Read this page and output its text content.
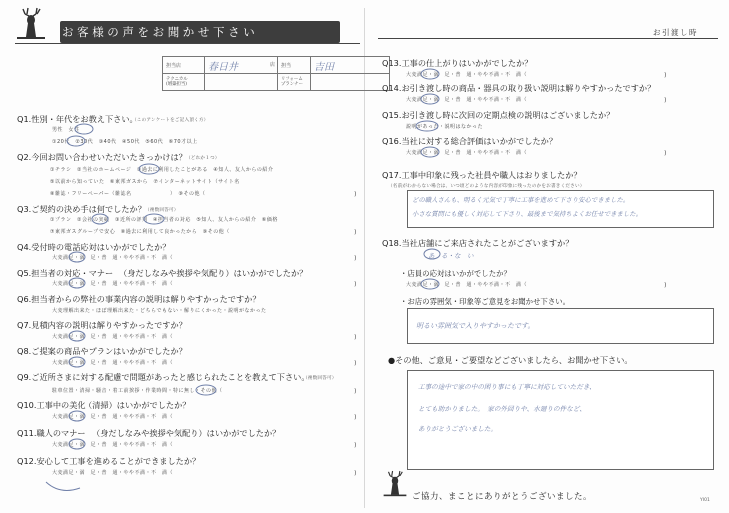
お客様の声をお聞かせ下さい	お引渡し時
担当店	春日井 店	担当	吉田
テクニカル
(増築担当)		リフォーム
プランナー	
Q1.性別・年代をお教え下さい。
（このアンケートをご記入頂く方）
男性　女性
①20代　②30代　③40代　④50代　⑤60代　⑥70才以上
Q2.今回お問い合わせいただいたきっかけは？ （どれか１つ）
①チラシ　②当社のホームページ　③過去に利用したことがある　④知人、友人からの紹介
⑤以前から知っていた　⑥東邦ガスから　⑦インターネットサイト（サイト名
⑧雑誌・フリーペーパー（雑誌名　　　　　　　）　⑨その他（
Q3.ご契約の決め手は何でしたか？ （複数回答可）
①プラン　②会社の実績　③近所の評判　④担当者の対応　⑤知人、友人からの紹介　⑥価格
⑦東邦ガスグループで安心　⑧過去に利用して良かったから　⑨その他（
Q4.受付時の電話応対はいかがでしたか？
大変満足・満　足・普　通・やや不満・不　満（
Q5.担当者の対応・マナー （身だしなみや挨拶や気配り）はいかがでしたか？
大変満足・満　足・普　通・やや不満・不　満（
Q6.担当者からの弊社の事業内容の説明は解りやすかったですか？
大変理解出来た・ほぼ理解出来た・どちらでもない・解りにくかった・説明がなかった
Q7.見積内容の説明は解りやすかったですか？
大変満足・満　足・普　通・やや不満・不　満（
Q8.ご提案の商品やプランはいかがでしたか？
大変満足・満　足・普　通・やや不満・不　満（
Q9.ご近所さまに対する配慮で問題があったと感じられたことを教えて下さい。
（複数回答可）
駐車位置・清掃・騒音・着工前挨拶・作業時間・特に無し・その他（
Q10.工事中の美化
（清掃）はいかがでしたか？
大変満足・満　足・普　通・やや不満・不　満（
Q11.職人のマナー （身だしなみや挨拶や気配り）はいかがでしたか？
大変満足・満　足・普　通・やや不満・不　満（
Q12.安心して工事を進めることができましたか？
大変満足・満　足・普　通・やや不満・不　満（
)
)
)
)
)
)
)
)
)
)
Q13.工事の仕上がりはいかがでしたか？
大変満足・満　足・普　通・やや不満・不　満（	)
Q14.お引き渡し時の商品・器具の取り扱い説明は解りやすかったですか？
大変満足・満　足・普　通・やや不満・不　満（	)
Q15.お引き渡し時に次回の定期点検の説明はございましたか？
説明があった・説明はなかった
Q16.当社に対する総合評価はいかがでしたか？
大変満足・満　足・普　通・やや不満・不　満（	)
Q17.工事中印象に残った社員や職人はおりましたか？
（名前がわからない場合は、いつ頃どのような内容が印象に残ったのかをお書きください）
どの職人さんも、明るく元気で丁寧に工事を進めて下さり安心できました。
小さな質問にも優しく対応して下さり、最後まで気持ちよくお任せできました。
Q18.当社店舗にご来店されたことがございますか？
あ　る・な　い
・店員の応対はいかがでしたか？
大変満足・満　足・普　通・やや不満・不　満（	)
・お店の雰囲気・印象等ご意見をお聞かせ下さい。
明るい雰囲気で入りやすかったです。
●その他、ご意見・ご要望などございましたら、お聞かせ下さい。
工事の途中で家の中の困り事にも丁寧に対応していただき、
とても助かりました。　家の外回りや、水廻りの件など、
ありがとうございました。
ご協力、まことにありがとうございました。	YI01
